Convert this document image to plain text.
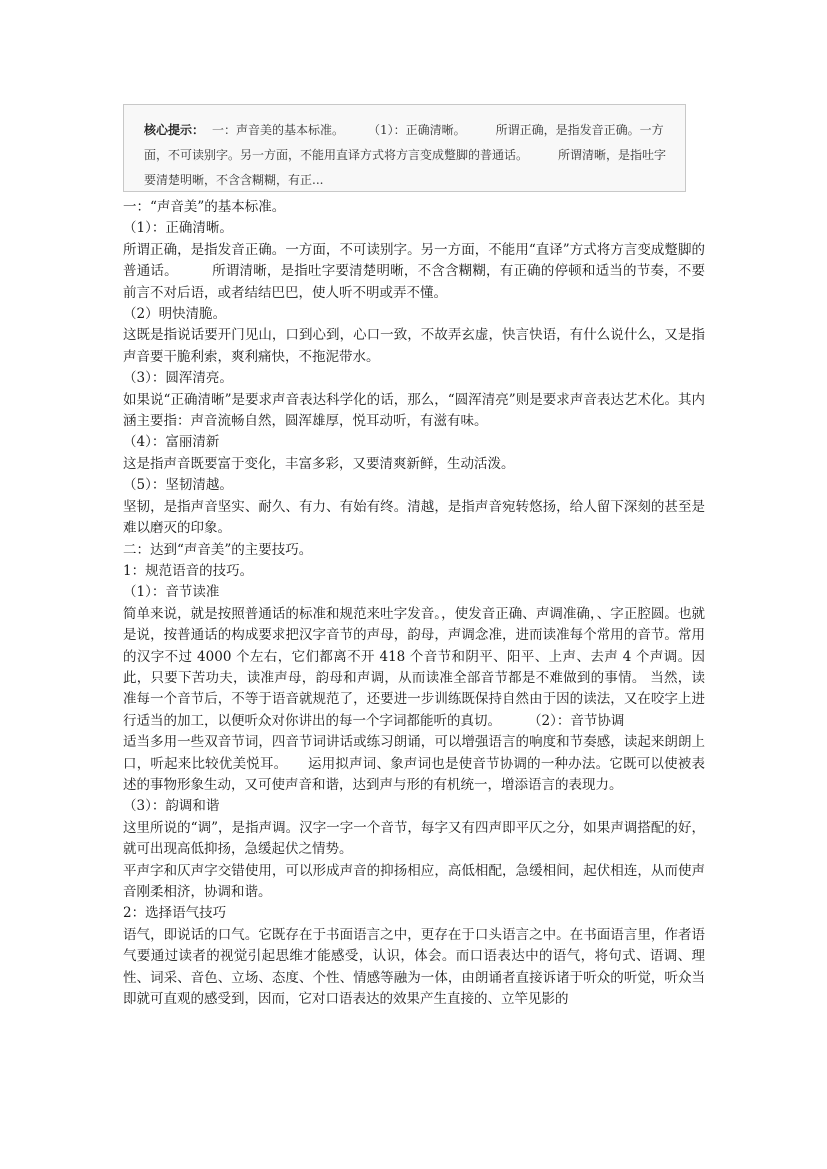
核心提示： 一：声音美的基本标准。　　　（1）：正确清晰。　　　所谓正确，是指发音正确。一方面，不可读别字。另一方面，不能用直译方式将方言变成蹩脚的普通话。　　　所谓清晰，是指吐字要清楚明晰，不含含糊糊，有正...

一：“声音美”的基本标准。

（1）：正确清晰。

所谓正确，是指发音正确。一方面，不可读别字。另一方面，不能用“直译”方式将方言变成蹩脚的普通话。　　　所谓清晰，是指吐字要清楚明晰，不含含糊糊，有正确的停顿和适当的节奏，不要前言不对后语，或者结结巴巴，使人听不明或弄不懂。

（2）明快清脆。

这既是指说话要开门见山，口到心到，心口一致，不故弄玄虚，快言快语，有什么说什么，又是指声音要干脆利索，爽利痛快，不拖泥带水。

（3）：圆浑清亮。

如果说“正确清晰”是要求声音表达科学化的话，那么，“圆浑清亮”则是要求声音表达艺术化。其内涵主要指：声音流畅自然，圆浑雄厚，悦耳动听，有滋有味。

（4）：富丽清新

这是指声音既要富于变化，丰富多彩，又要清爽新鲜，生动活泼。

（5）：坚韧清越。

坚韧，是指声音坚实、耐久、有力、有始有终。清越，是指声音宛转悠扬，给人留下深刻的甚至是难以磨灭的印象。

二：达到“声音美”的主要技巧。

1：规范语音的技巧。

（1）：音节读准

简单来说，就是按照普通话的标准和规范来吐字发音。，使发音正确、声调准确，、字正腔圆。也就是说，按普通话的构成要求把汉字音节的声母，韵母，声调念准，进而读准每个常用的音节。常用的汉字不过 4000 个左右，它们都离不开 418 个音节和阴平、阳平、上声、去声 4 个声调。因此，只要下苦功夫，读准声母，韵母和声调，从而读准全部音节都是不难做到的事情。 当然，读准每一个音节后，不等于语音就规范了，还要进一步训练既保持自然由于因的读法，又在咬字上进行适当的加工，以便听众对你讲出的每一个字词都能听的真切。　　　（2）：音节协调

适当多用一些双音节词，四音节词讲话或练习朗诵，可以增强语言的响度和节奏感，读起来朗朗上口，听起来比较优美悦耳。　　运用拟声词、象声词也是使音节协调的一种办法。它既可以使被表述的事物形象生动，又可使声音和谐，达到声与形的有机统一，增添语言的表现力。

（3）：韵调和谐

这里所说的“调”，是指声调。汉字一字一个音节，每字又有四声即平仄之分，如果声调搭配的好，就可出现高低抑扬，急缓起伏之情势。

平声字和仄声字交错使用，可以形成声音的抑扬相应，高低相配，急缓相间，起伏相连，从而使声音刚柔相济，协调和谐。

2：选择语气技巧

语气，即说话的口气。它既存在于书面语言之中，更存在于口头语言之中。在书面语言里，作者语气要通过读者的视觉引起思维才能感受，认识，体会。而口语表达中的语气，将句式、语调、理性、词采、音色、立场、态度、个性、情感等融为一体，由朗诵者直接诉诸于听众的听觉，听众当即就可直观的感受到，因而，它对口语表达的效果产生直接的、立竿见影的
